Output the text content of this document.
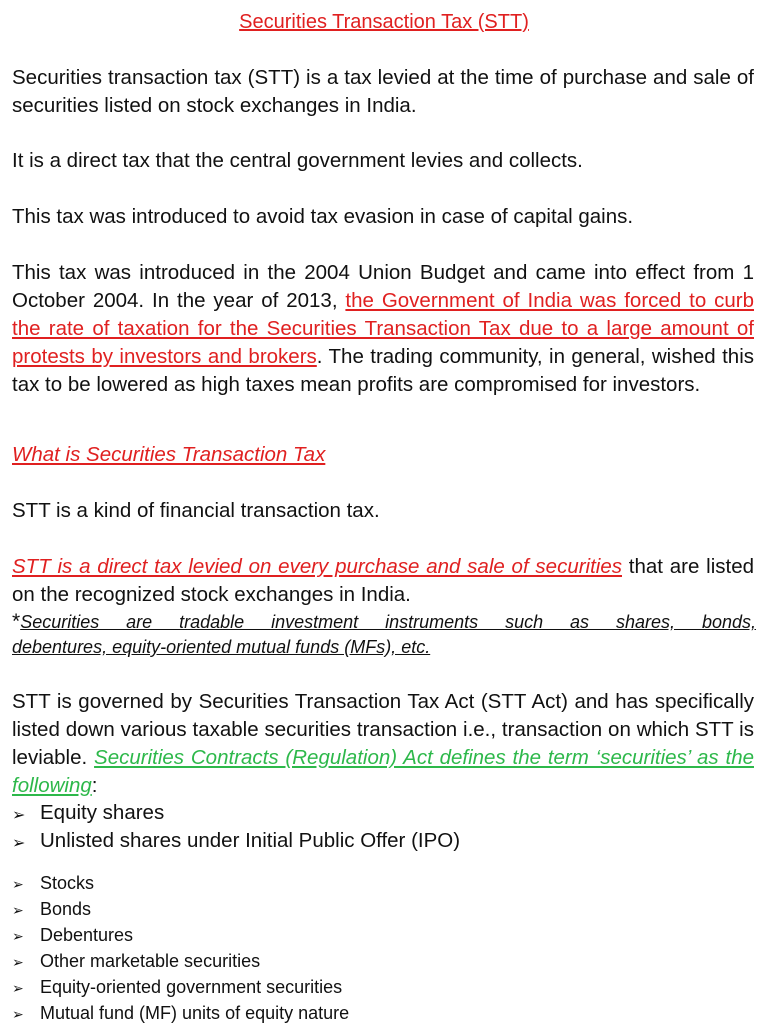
Securities Transaction Tax (STT)
Securities transaction tax (STT) is a tax levied at the time of purchase and sale of securities listed on stock exchanges in India.
It is a direct tax that the central government levies and collects.
This tax was introduced to avoid tax evasion in case of capital gains.
This tax was introduced in the 2004 Union Budget and came into effect from 1 October 2004. In the year of 2013, the Government of India was forced to curb the rate of taxation for the Securities Transaction Tax due to a large amount of protests by investors and brokers. The trading community, in general, wished this tax to be lowered as high taxes mean profits are compromised for investors.
What is Securities Transaction Tax
STT is a kind of financial transaction tax.
STT is a direct tax levied on every purchase and sale of securities that are listed on the recognized stock exchanges in India.
*Securities are tradable investment instruments such as shares, bonds,
debentures, equity-oriented mutual funds (MFs), etc.
STT is governed by Securities Transaction Tax Act (STT Act) and has specifically listed down various taxable securities transaction i.e., transaction on which STT is leviable. Securities Contracts (Regulation) Act defines the term ‘securities’ as the following:
➢ Equity shares
➢ Unlisted shares under Initial Public Offer (IPO)
➢ Stocks
➢ Bonds
➢ Debentures
➢ Other marketable securities
➢ Equity-oriented government securities
➢ Mutual fund (MF) units of equity nature
